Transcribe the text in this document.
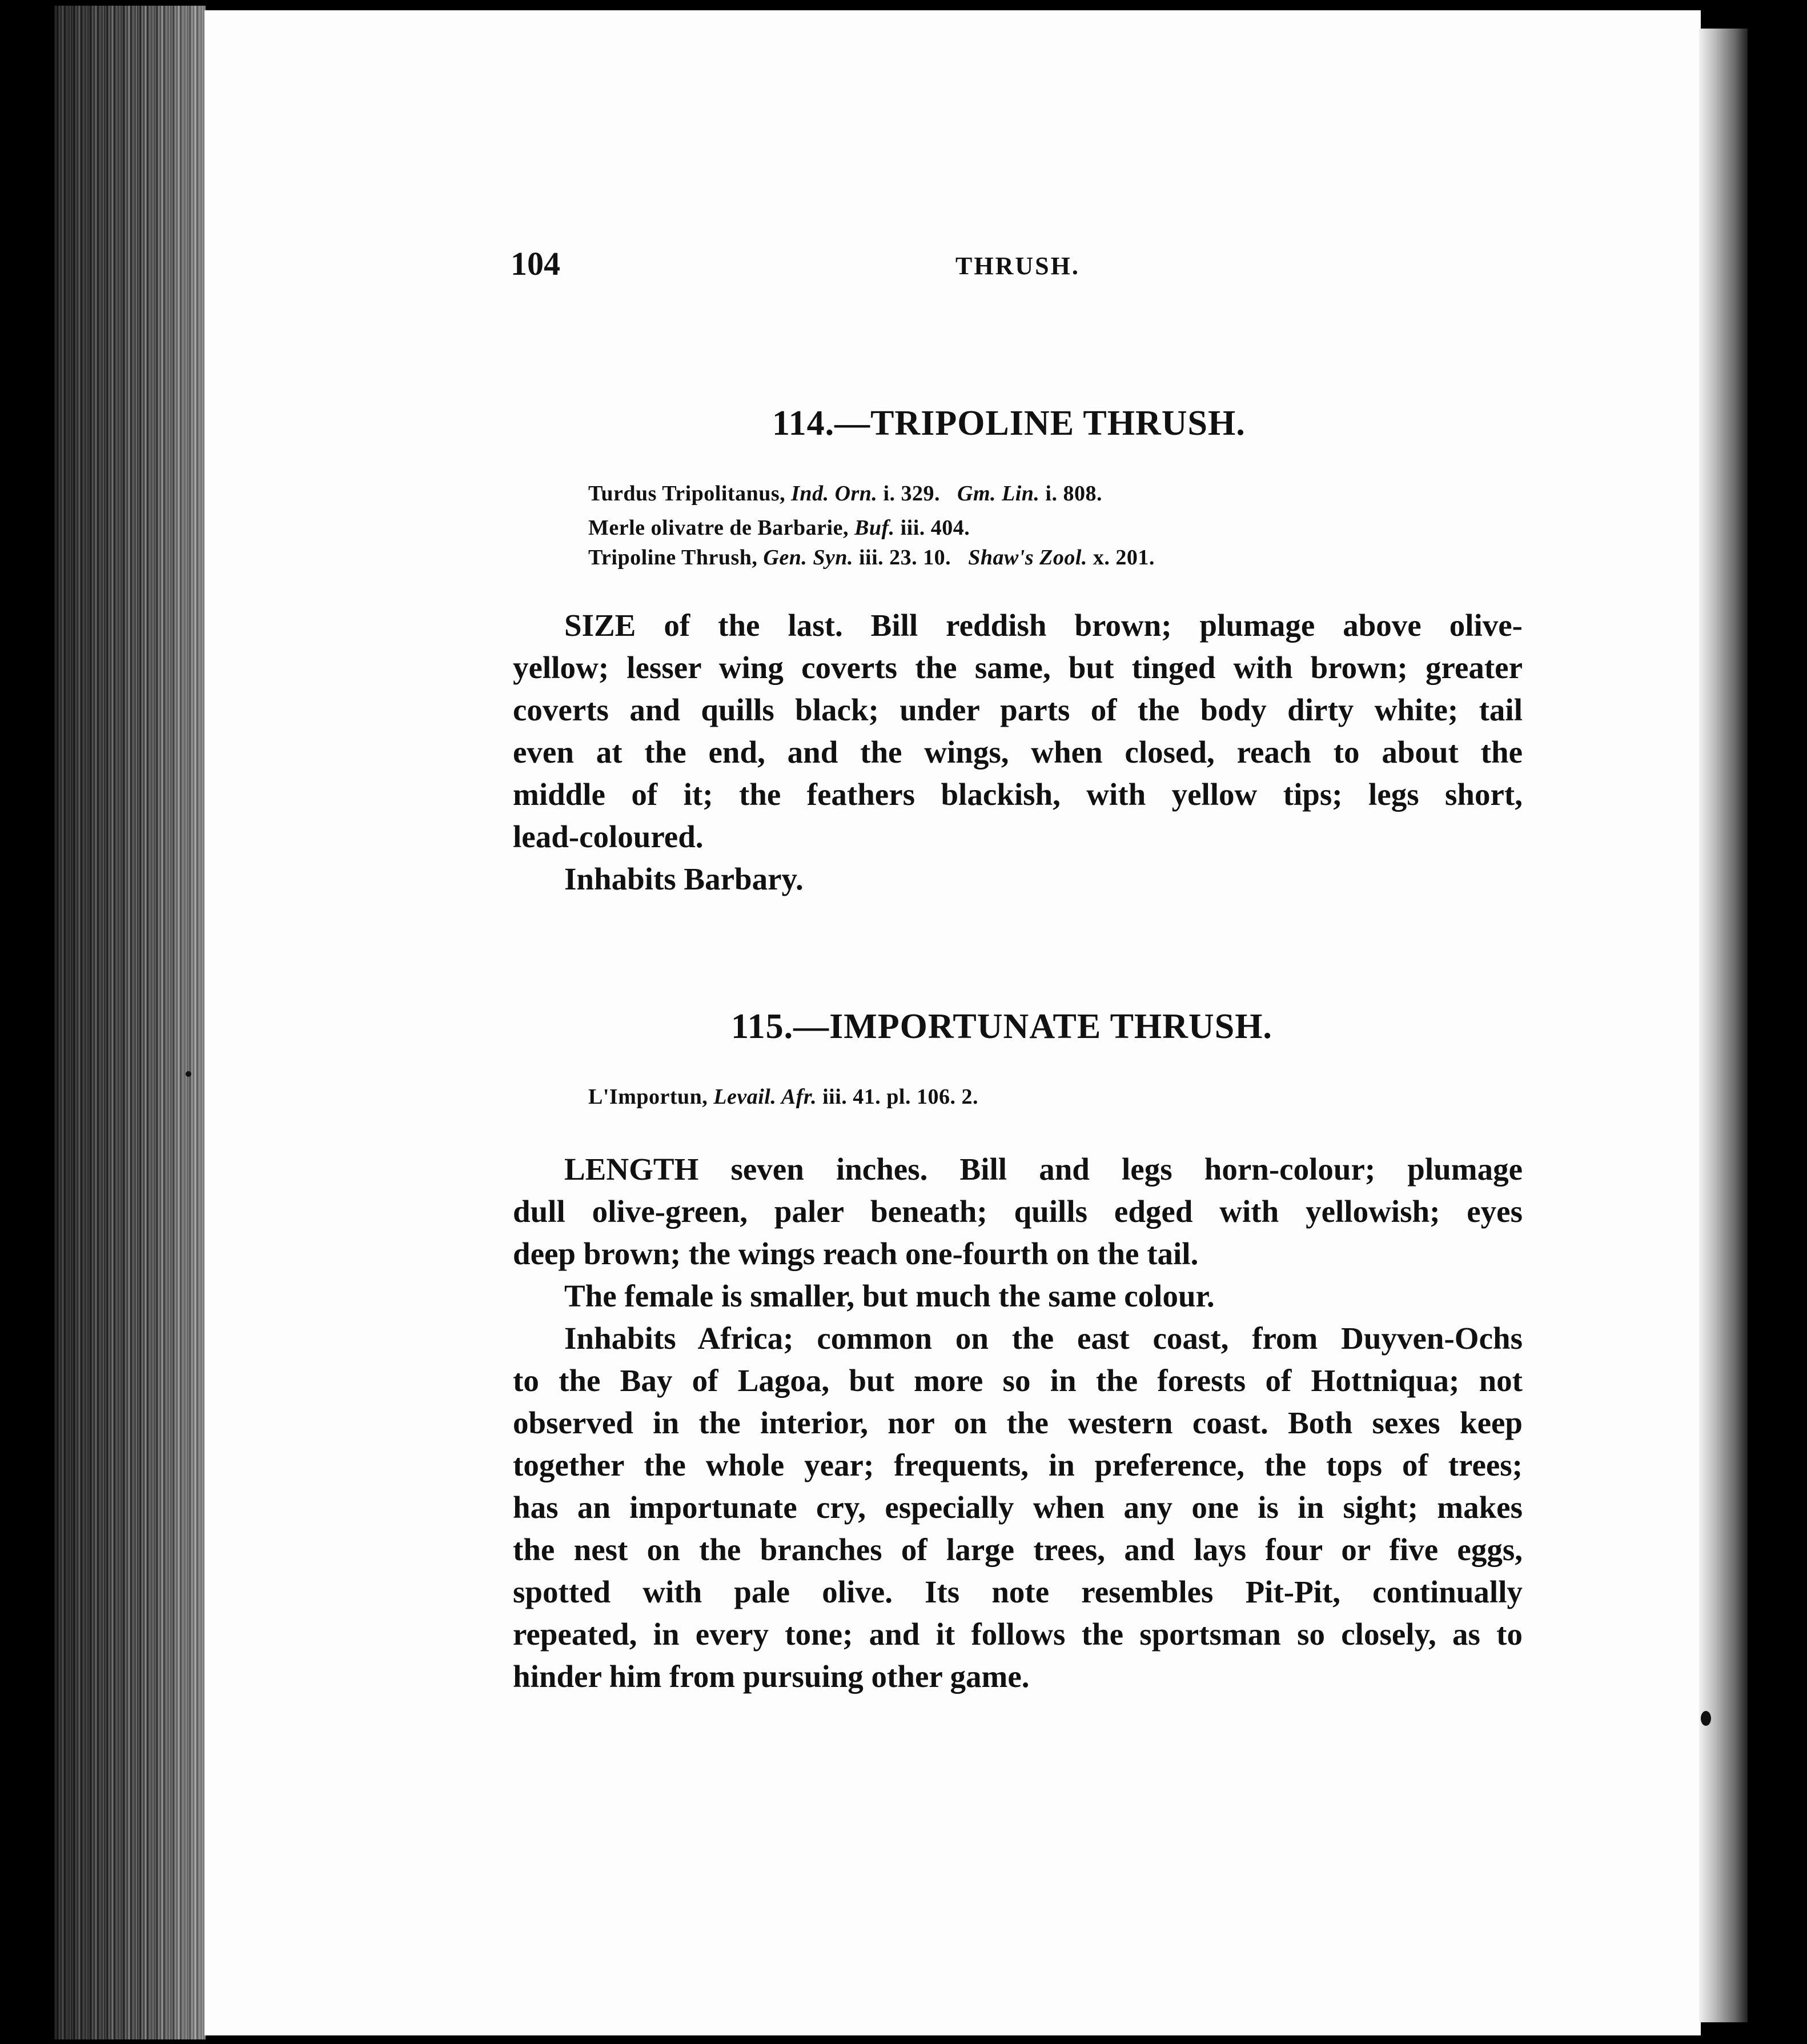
104	THRUSH.
114.—TRIPOLINE THRUSH.
Turdus Tripolitanus, Ind. Orn. i. 329. Gm. Lin. i. 808.
Merle olivatre de Barbarie, Buf. iii. 404.
Tripoline Thrush, Gen. Syn. iii. 23. 10. Shaw's Zool. x. 201.
SIZE of the last. Bill reddish brown; plumage above olive-
yellow; lesser wing coverts the same, but tinged with brown; greater
coverts and quills black; under parts of the body dirty white; tail
even at the end, and the wings, when closed, reach to about the
middle of it; the feathers blackish, with yellow tips; legs short,
lead-coloured.
Inhabits Barbary.
115.—IMPORTUNATE THRUSH.
L'Importun, Levail. Afr. iii. 41. pl. 106. 2.
LENGTH seven inches. Bill and legs horn-colour; plumage
dull olive-green, paler beneath; quills edged with yellowish; eyes
deep brown; the wings reach one-fourth on the tail.
The female is smaller, but much the same colour.
Inhabits Africa; common on the east coast, from Duyven-Ochs
to the Bay of Lagoa, but more so in the forests of Hottniqua; not
observed in the interior, nor on the western coast. Both sexes keep
together the whole year; frequents, in preference, the tops of trees;
has an importunate cry, especially when any one is in sight; makes
the nest on the branches of large trees, and lays four or five eggs,
spotted with pale olive. Its note resembles Pit-Pit, continually
repeated, in every tone; and it follows the sportsman so closely, as to
hinder him from pursuing other game.
